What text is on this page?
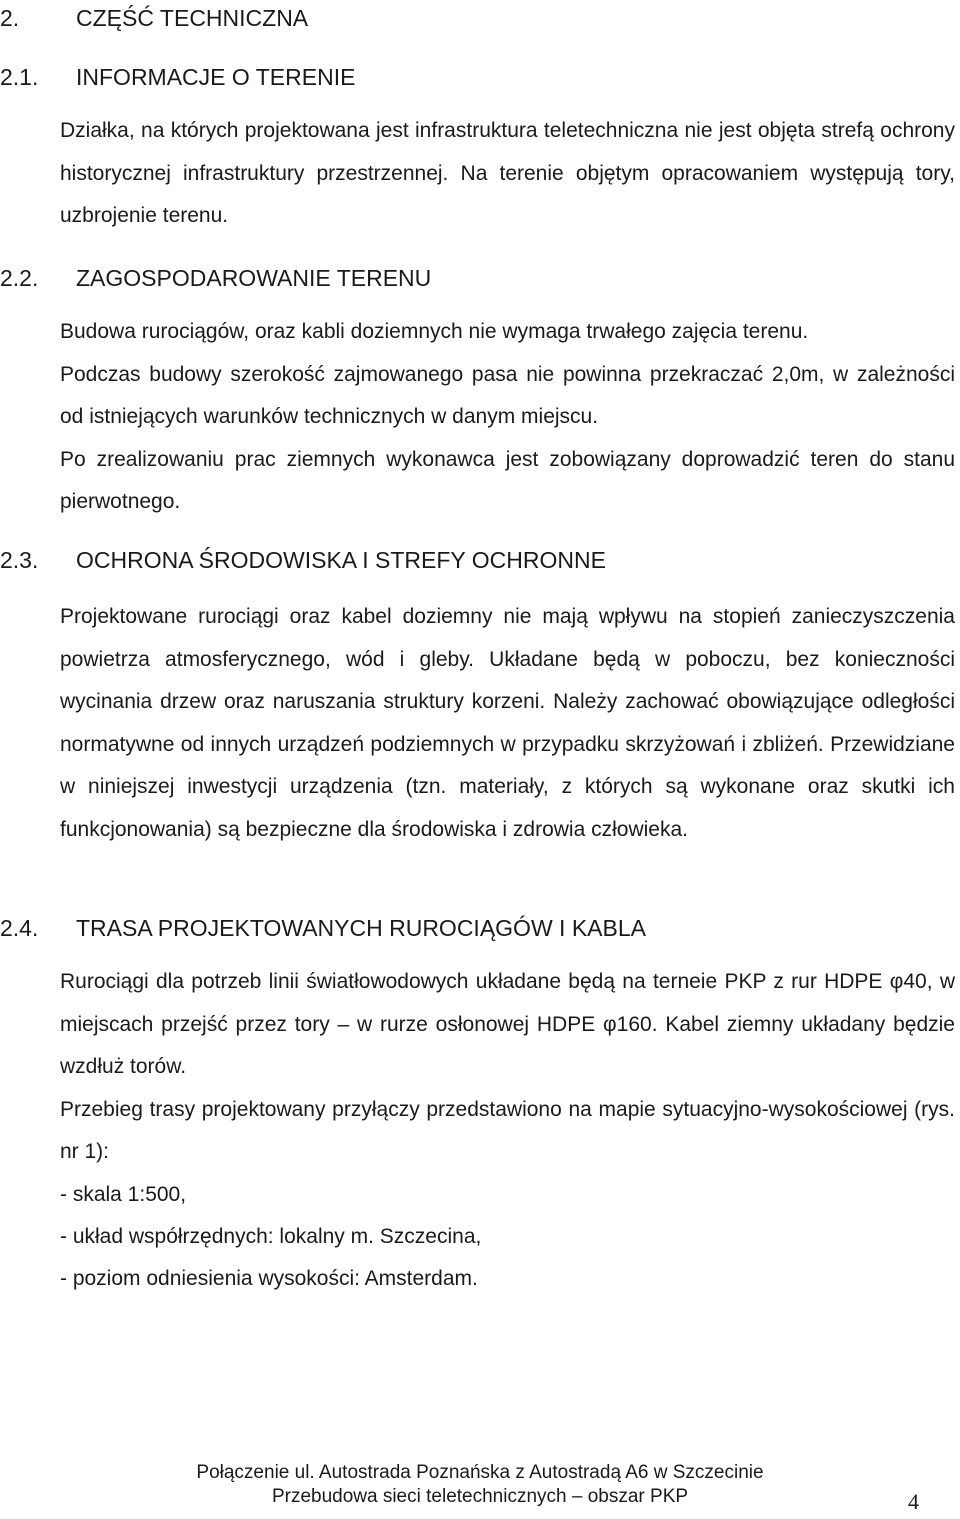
2. CZĘŚĆ TECHNICZNA
2.1. INFORMACJE O TERENIE

Działka, na których projektowana jest infrastruktura teletechniczna nie jest objęta strefą ochrony historycznej infrastruktury przestrzennej. Na terenie objętym opracowaniem występują tory, uzbrojenie terenu.

2.2. ZAGOSPODAROWANIE TERENU

Budowa rurociągów, oraz kabli doziemnych nie wymaga trwałego zajęcia terenu.

Podczas budowy szerokość zajmowanego pasa nie powinna przekraczać 2,0m, w zależności od istniejących warunków technicznych w danym miejscu.

Po zrealizowaniu prac ziemnych wykonawca jest zobowiązany doprowadzić teren do stanu pierwotnego.

2.3. OCHRONA ŚRODOWISKA I STREFY OCHRONNE

Projektowane rurociągi oraz kabel doziemny nie mają wpływu na stopień zanieczyszczenia powietrza atmosferycznego, wód i gleby. Układane będą w poboczu, bez konieczności wycinania drzew oraz naruszania struktury korzeni. Należy zachować obowiązujące odległości normatywne od innych urządzeń podziemnych w przypadku skrzyżowań i zbliżeń. Przewidziane w niniejszej inwestycji urządzenia (tzn. materiały, z których są wykonane oraz skutki ich funkcjonowania) są bezpieczne dla środowiska i zdrowia człowieka.

2.4. TRASA PROJEKTOWANYCH RUROCIĄGÓW I KABLA

Rurociągi dla potrzeb linii światłowodowych układane będą na terneie PKP z rur HDPE φ40, w miejscach przejść przez tory – w rurze osłonowej HDPE φ160. Kabel ziemny układany będzie wzdłuż torów.

Przebieg trasy projektowany przyłączy przedstawiono na mapie sytuacyjno-wysokościowej (rys. nr 1):

- skala 1:500,
- układ współrzędnych: lokalny m. Szczecina,
- poziom odniesienia wysokości: Amsterdam.
Połączenie ul. Autostrada Poznańska z Autostradą A6 w Szczecinie
Przebudowa sieci teletechnicznych – obszar PKP	4
